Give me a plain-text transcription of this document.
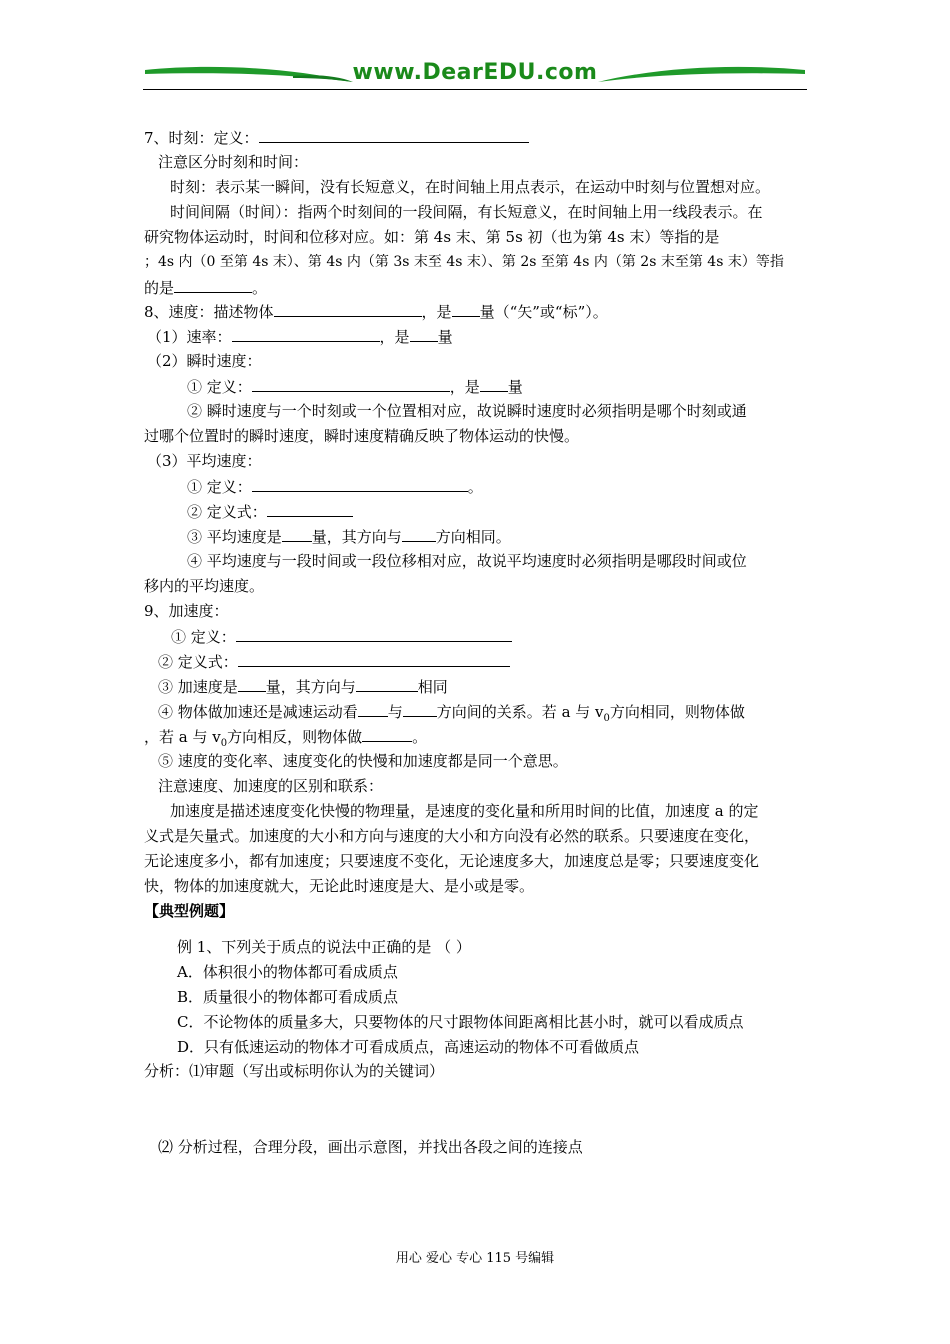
www.DearEDU.com
7、时刻：定义：
注意区分时刻和时间：
时刻：表示某一瞬间，没有长短意义，在时间轴上用点表示，在运动中时刻与位置想对应。
时间间隔（时间）：指两个时刻间的一段间隔，有长短意义，在时间轴上用一线段表示。在
研究物体运动时，时间和位移对应。如：第 4s 末、第 5s 初（也为第 4s 末）等指的是
；4s 内（0 至第 4s 末）、第 4s 内（第 3s 末至 4s 末）、第 2s 至第 4s 内（第 2s 末至第 4s 末）等指
的是	。
8、速度：描述物体	，是 量（“矢”或“标”）。
（1）速率：	，是 量
（2）瞬时速度：
① 定义：	，是 量
② 瞬时速度与一个时刻或一个位置相对应，故说瞬时速度时必须指明是哪个时刻或通
过哪个位置时的瞬时速度，瞬时速度精确反映了物体运动的快慢。
（3）平均速度：
① 定义：	。
② 定义式：
③ 平均速度是 量，其方向与 方向相同。
④ 平均速度与一段时间或一段位移相对应，故说平均速度时必须指明是哪段时间或位
移内的平均速度。
9、加速度：
① 定义：
② 定义式：
③ 加速度是 量，其方向与	相同
④ 物体做加速还是减速运动看 与 方向间的关系。若 a 与 $v_0$方向相同，则物体做
，若 a 与 $v_0$方向相反，则物体做	。
⑤ 速度的变化率、速度变化的快慢和加速度都是同一个意思。
注意速度、加速度的区别和联系：
加速度是描述速度变化快慢的物理量，是速度的变化量和所用时间的比值，加速度 a 的定
义式是矢量式。加速度的大小和方向与速度的大小和方向没有必然的联系。只要速度在变化，
无论速度多小，都有加速度；只要速度不变化，无论速度多大，加速度总是零；只要速度变化
快，物体的加速度就大，无论此时速度是大、是小或是零。
【典型例题】
例 1、下列关于质点的说法中正确的是 （ ）
A．体积很小的物体都可看成质点
B．质量很小的物体都可看成质点
C．不论物体的质量多大，只要物体的尺寸跟物体间距离相比甚小时，就可以看成质点
D．只有低速运动的物体才可看成质点，高速运动的物体不可看做质点
分析：⑴审题（写出或标明你认为的关键词）
⑵ 分析过程，合理分段，画出示意图，并找出各段之间的连接点
用心 爱心 专心 115 号编辑
